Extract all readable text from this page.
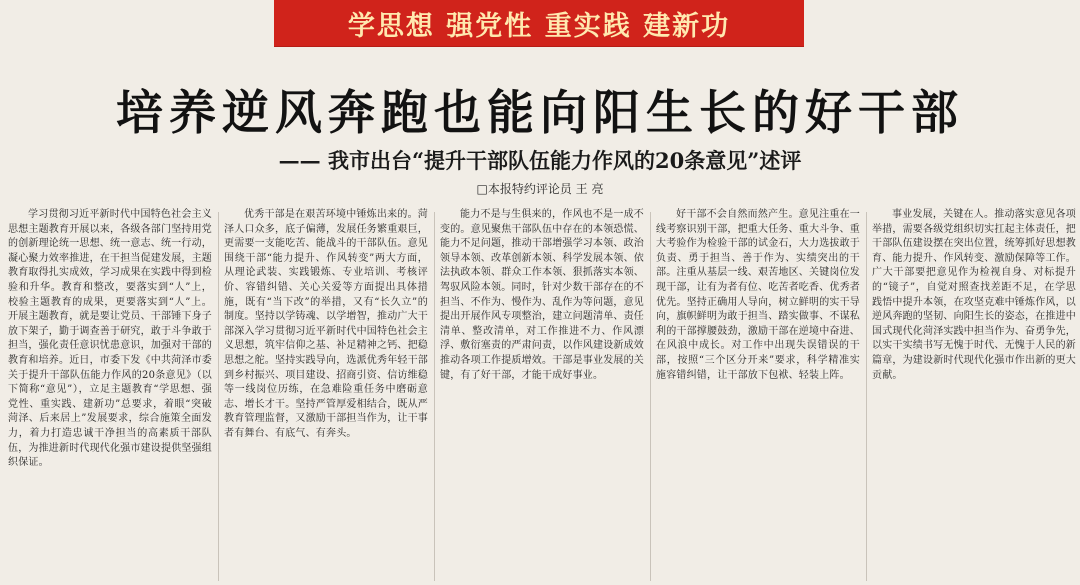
学思想 强党性 重实践 建新功
培养逆风奔跑也能向阳生长的好干部
—— 我市出台“提升干部队伍能力作风的20条意见”述评
□本报特约评论员 王 亮
学习贯彻习近平新时代中国特色社会主义思想主题教育开展以来，各级各部门坚持用党的创新理论统一思想、统一意志、统一行动，凝心聚力效率推进，在干担当促建发展，主题教育取得扎实成效，学习成果在实践中得到检验和升华。教育和整改，要落实到“人”上，校验主题教育的成果，更要落实到“人”上。开展主题教育，就是要让党员、干部锤下身子放下架子，勤于调查善于研究，敢于斗争敢于担当，强化责任意识忧患意识，加强对干部的教育和培养。近日，市委下发《中共菏泽市委关于提升干部队伍能力作风的20条意见》（以下简称“意见”），立足主题教育“学思想、强党性、重实践、建新功”总要求，着眼“突破菏泽、后来居上”发展要求，综合施策全面发力，着力打造忠诚干净担当的高素质干部队伍，为推进新时代现代化强市建设提供坚强组织保证。
优秀干部是在艰苦环境中锤炼出来的。菏泽人口众多，底子偏薄，发展任务繁重艰巨，更需要一支能吃苦、能战斗的干部队伍。意见围绕干部“能力提升、作风转变”两大方面，从理论武装、实践锻炼、专业培训、考核评价、容错纠错、关心关爱等方面提出具体措施，既有“当下改”的举措，又有“长久立”的制度。坚持以学铸魂、以学增智，推动广大干部深入学习贯彻习近平新时代中国特色社会主义思想，筑牢信仰之基、补足精神之钙、把稳思想之舵。坚持实践导向，选派优秀年轻干部到乡村振兴、项目建设、招商引资、信访维稳等一线岗位历练，在急难险重任务中磨砺意志、增长才干。坚持严管厚爱相结合，既从严教育管理监督，又激励干部担当作为，让干事者有舞台、有底气、有奔头。
能力不是与生俱来的，作风也不是一成不变的。意见聚焦干部队伍中存在的本领恐慌、能力不足问题，推动干部增强学习本领、政治领导本领、改革创新本领、科学发展本领、依法执政本领、群众工作本领、狠抓落实本领、驾驭风险本领。同时，针对少数干部存在的不担当、不作为、慢作为、乱作为等问题，意见提出开展作风专项整治，建立问题清单、责任清单、整改清单，对工作推进不力、作风漂浮、敷衍塞责的严肃问责，以作风建设新成效推动各项工作提质增效。干部是事业发展的关键，有了好干部，才能干成好事业。
好干部不会自然而然产生。意见注重在一线考察识别干部，把重大任务、重大斗争、重大考验作为检验干部的试金石，大力选拔敢于负责、勇于担当、善于作为、实绩突出的干部。注重从基层一线、艰苦地区、关键岗位发现干部，让有为者有位、吃苦者吃香、优秀者优先。坚持正确用人导向，树立鲜明的实干导向，旗帜鲜明为敢于担当、踏实做事、不谋私利的干部撑腰鼓劲，激励干部在逆境中奋进、在风浪中成长。对工作中出现失误错误的干部，按照“三个区分开来”要求，科学精准实施容错纠错，让干部放下包袱、轻装上阵。
事业发展，关键在人。推动落实意见各项举措，需要各级党组织切实扛起主体责任，把干部队伍建设摆在突出位置，统筹抓好思想教育、能力提升、作风转变、激励保障等工作。广大干部要把意见作为检视自身、对标提升的“镜子”，自觉对照查找差距不足，在学思践悟中提升本领，在攻坚克难中锤炼作风，以逆风奔跑的坚韧、向阳生长的姿态，在推进中国式现代化菏泽实践中担当作为、奋勇争先，以实干实绩书写无愧于时代、无愧于人民的新篇章，为建设新时代现代化强市作出新的更大贡献。
